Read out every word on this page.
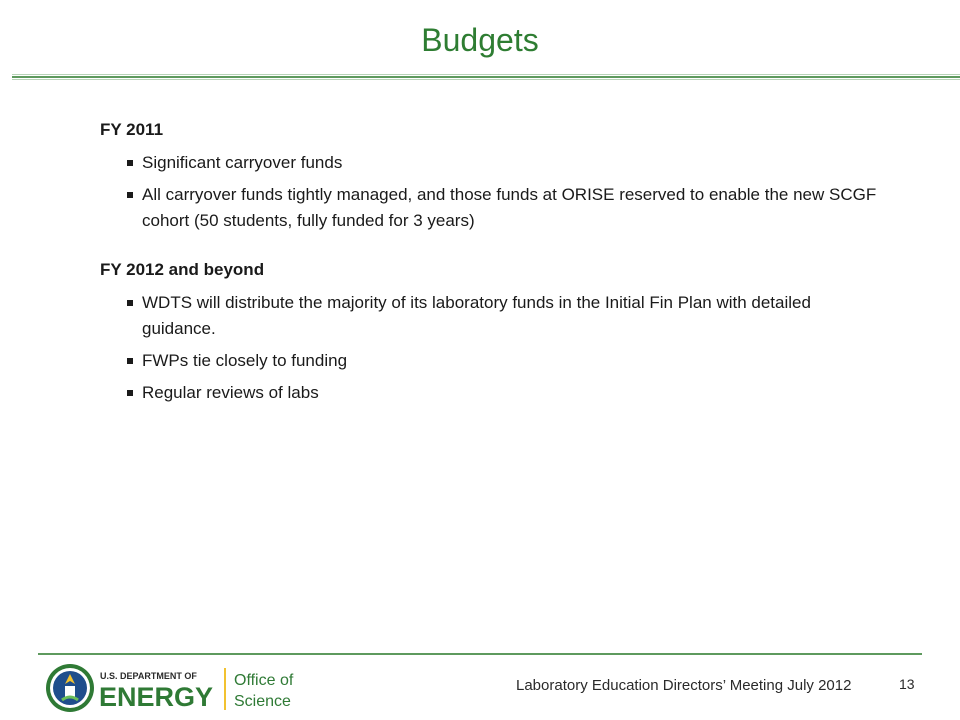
Budgets

FY 2011

Significant carryover funds
All carryover funds tightly managed, and those funds at ORISE reserved to enable the new SCGF cohort (50 students, fully funded for 3 years)

FY 2012 and beyond

WDTS will distribute the majority of its laboratory funds in the Initial Fin Plan with detailed guidance.
FWPs tie closely to funding
Regular reviews of labs
U.S. DEPARTMENT OF
ENERGY
Office of
Science
Laboratory Education Directors’ Meeting July 2012	13
